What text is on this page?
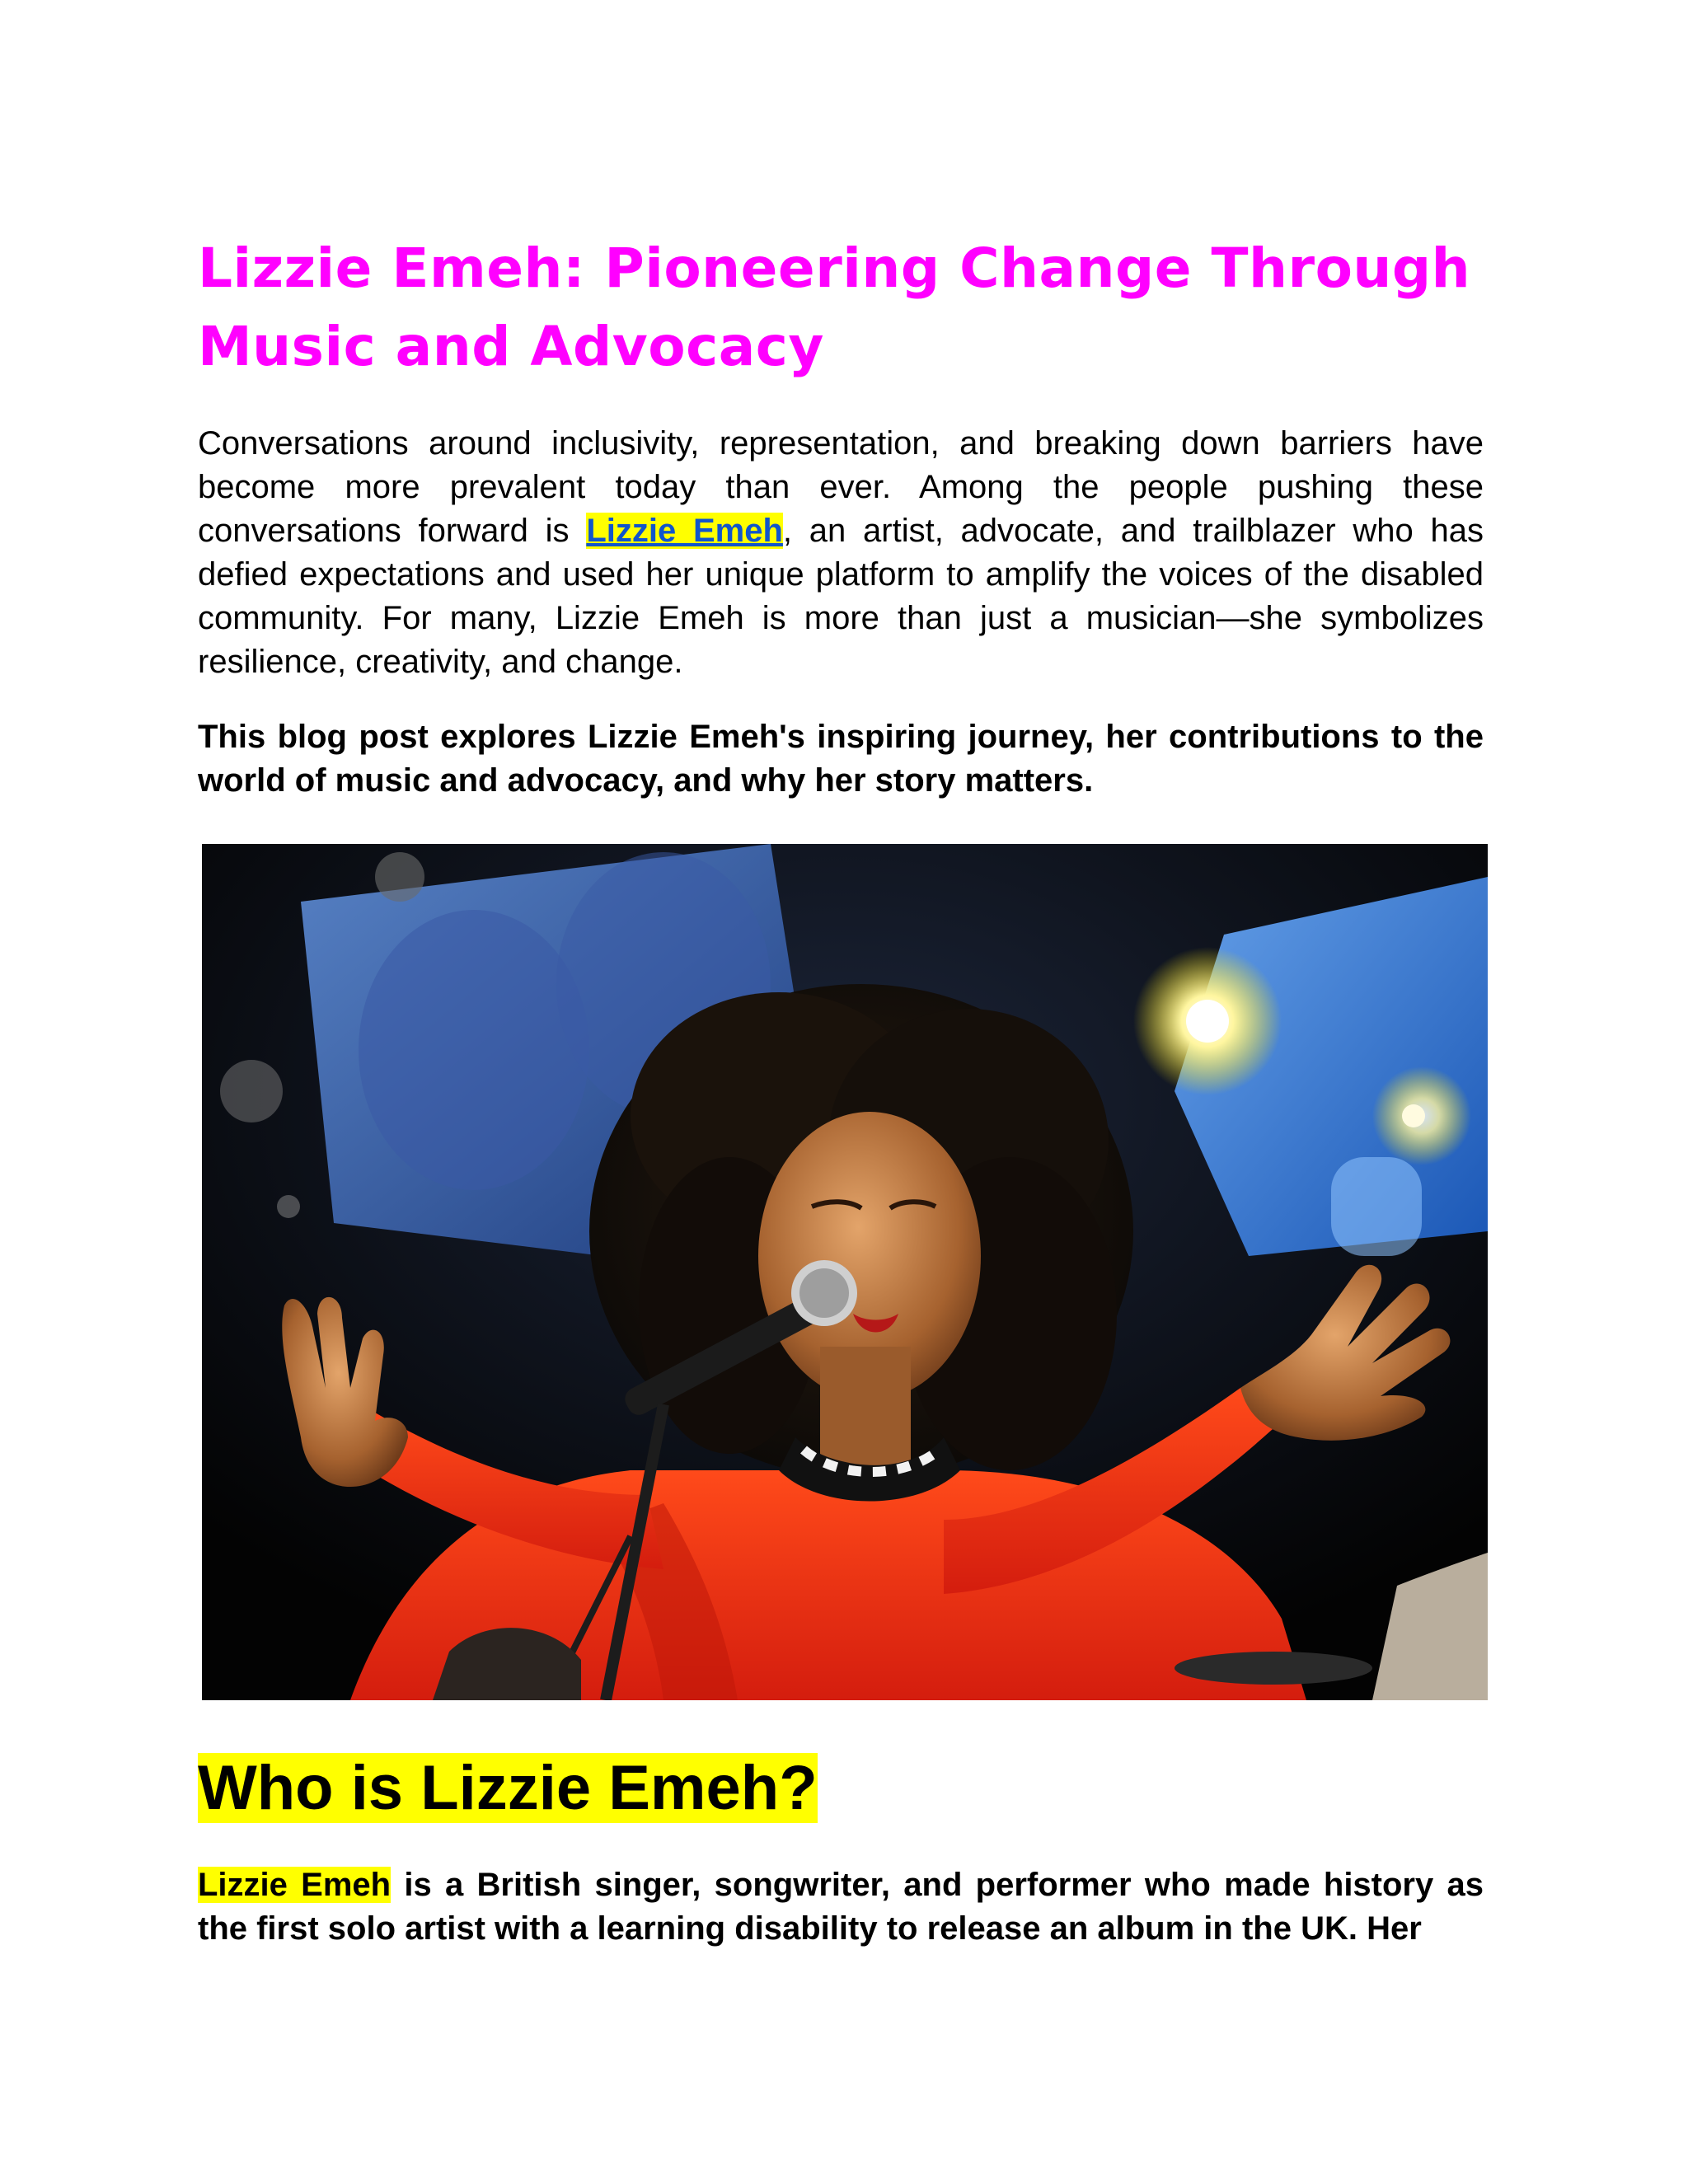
Lizzie Emeh: Pioneering Change Through Music and Advocacy

Conversations around inclusivity, representation, and breaking down barriers have become more prevalent today than ever. Among the people pushing these conversations forward is Lizzie Emeh, an artist, advocate, and trailblazer who has defied expectations and used her unique platform to amplify the voices of the disabled community. For many, Lizzie Emeh is more than just a musician—she symbolizes resilience, creativity, and change.

This blog post explores Lizzie Emeh's inspiring journey, her contributions to the world of music and advocacy, and why her story matters.

Who is Lizzie Emeh?

Lizzie Emeh is a British singer, songwriter, and performer who made history as the first solo artist with a learning disability to release an album in the UK. Her
